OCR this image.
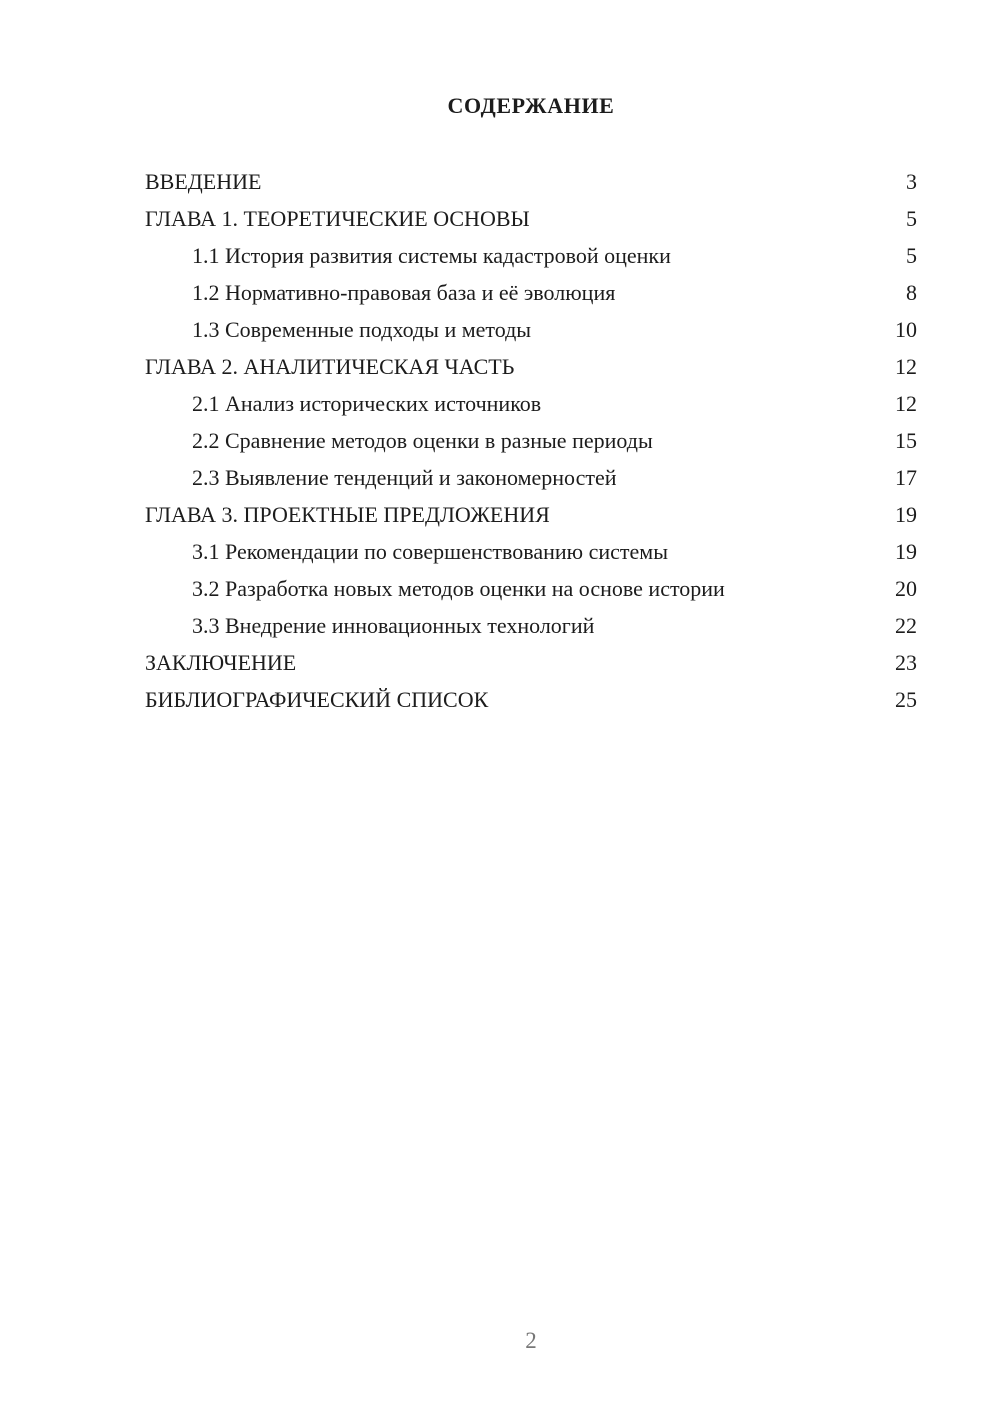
СОДЕРЖАНИЕ
ВВЕДЕНИЕ	3
ГЛАВА 1. ТЕОРЕТИЧЕСКИЕ ОСНОВЫ	5
1.1 История развития системы кадастровой оценки	5
1.2 Нормативно-правовая база и её эволюция	8
1.3 Современные подходы и методы	10
ГЛАВА 2. АНАЛИТИЧЕСКАЯ ЧАСТЬ	12
2.1 Анализ исторических источников	12
2.2 Сравнение методов оценки в разные периоды	15
2.3 Выявление тенденций и закономерностей	17
ГЛАВА 3. ПРОЕКТНЫЕ ПРЕДЛОЖЕНИЯ	19
3.1 Рекомендации по совершенствованию системы	19
3.2 Разработка новых методов оценки на основе истории	20
3.3 Внедрение инновационных технологий	22
ЗАКЛЮЧЕНИЕ	23
БИБЛИОГРАФИЧЕСКИЙ СПИСОК	25
2
